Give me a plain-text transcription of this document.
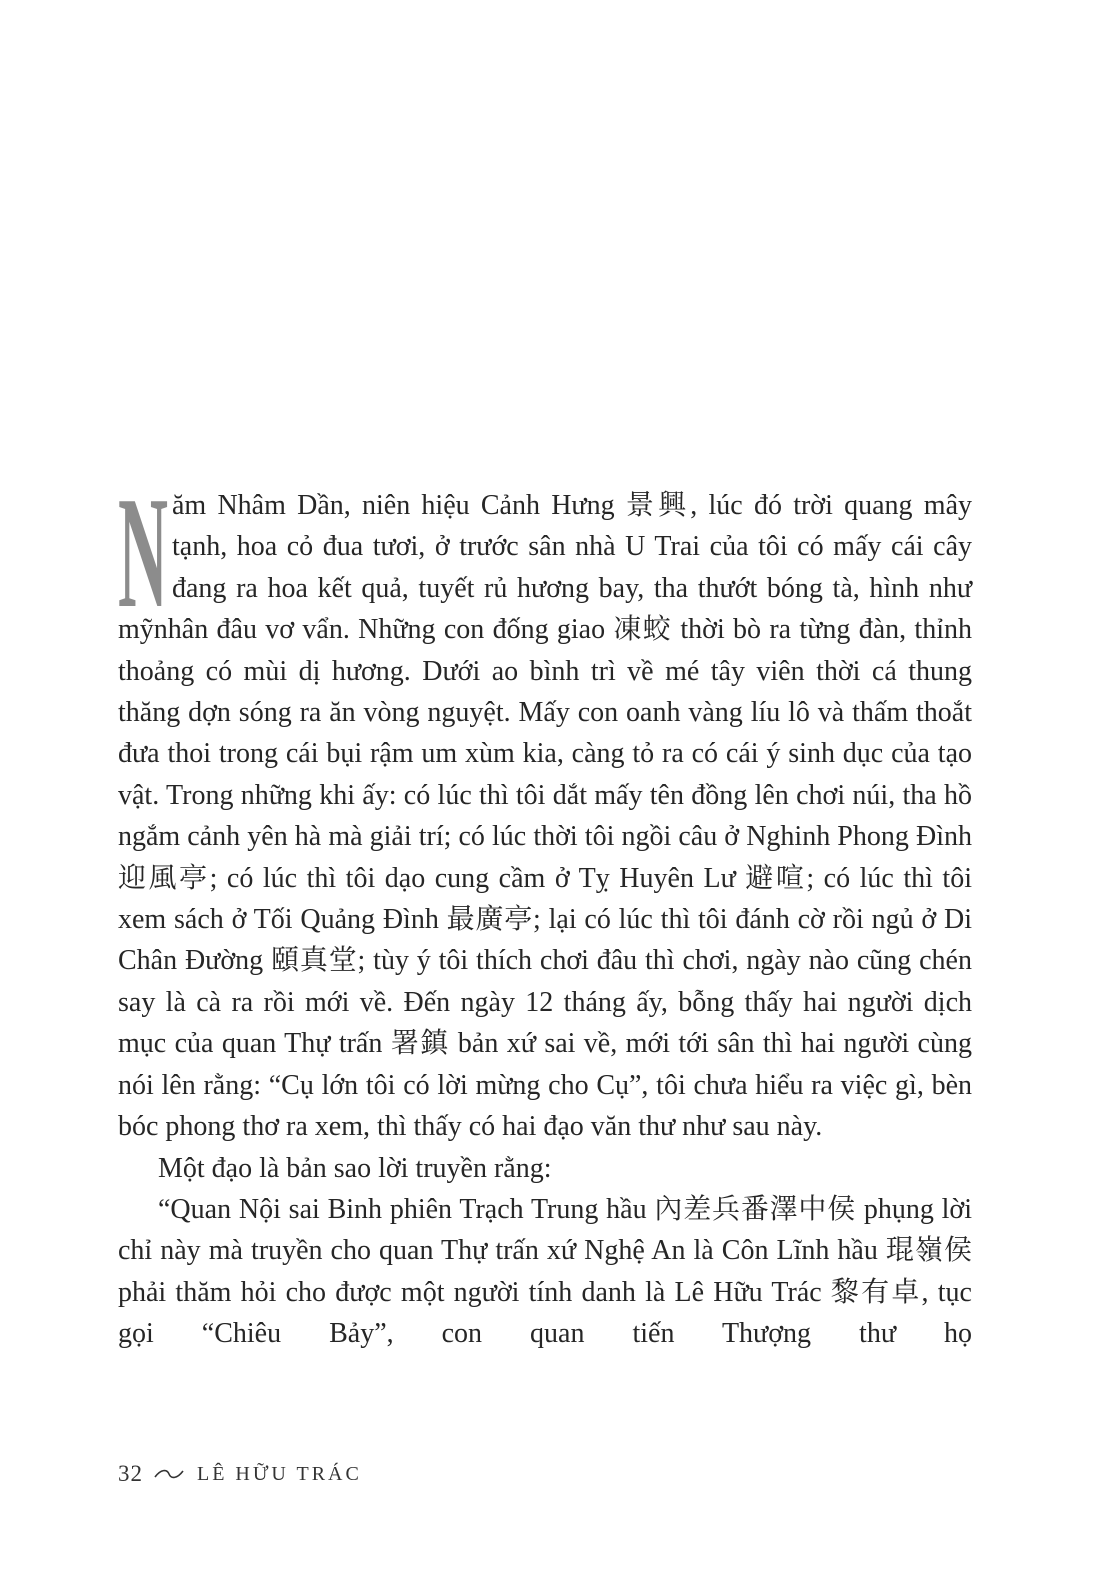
N ăm Nhâm Dần, niên hiệu Cảnh Hưng 景興, lúc đó trời quang mây tạnh, hoa cỏ đua tươi, ở trước sân nhà U Trai của tôi có mấy cái cây đang ra hoa kết quả, tuyết rủ hương bay, tha thướt bóng tà, hình như mỹnhân đâu vơ vẩn. Những con đống giao 凍蛟 thời bò ra từng đàn, thỉnh thoảng có mùi dị hương. Dưới ao bình trì về mé tây viên thời cá thung thăng dợn sóng ra ăn vòng nguyệt. Mấy con oanh vàng líu lô và thấm thoắt đưa thoi trong cái bụi rậm um xùm kia, càng tỏ ra có cái ý sinh dục của tạo vật. Trong những khi ấy: có lúc thì tôi dắt mấy tên đồng lên chơi núi, tha hồ ngắm cảnh yên hà mà giải trí; có lúc thời tôi ngồi câu ở Nghinh Phong Đình 迎風亭; có lúc thì tôi dạo cung cầm ở Tỵ Huyên Lư 避喧; có lúc thì tôi xem sách ở Tối Quảng Đình 最廣亭; lại có lúc thì tôi đánh cờ rồi ngủ ở Di Chân Đường 頤真堂; tùy ý tôi thích chơi đâu thì chơi, ngày nào cũng chén say là cà ra rồi mới về. Đến ngày 12 tháng ấy, bỗng thấy hai người dịch mục của quan Thự trấn 署鎮 bản xứ sai về, mới tới sân thì hai người cùng nói lên rằng: “Cụ lớn tôi có lời mừng cho Cụ”, tôi chưa hiểu ra việc gì, bèn bóc phong thơ ra xem, thì thấy có hai đạo văn thư như sau này.

Một đạo là bản sao lời truyền rằng:

“Quan Nội sai Binh phiên Trạch Trung hầu 內差兵番澤中侯 phụng lời chỉ này mà truyền cho quan Thự trấn xứ Nghệ An là Côn Lĩnh hầu 琨嶺侯 phải thăm hỏi cho được một người tính danh là Lê Hữu Trác 黎有卓, tục gọi “Chiêu Bảy”, con quan tiến Thượng thư họ

32	LÊ HỮU TRÁC
